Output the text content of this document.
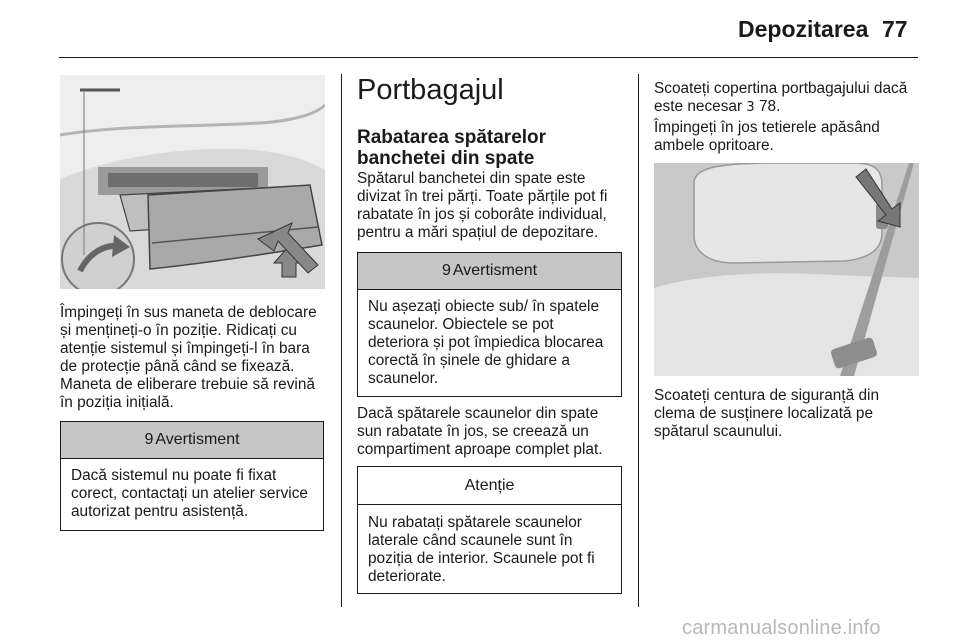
Depozitarea 77

Împingeți în sus maneta de deblocare și mențineți-o în poziție. Ridicați cu atenție sistemul și împingeți-l în bara de protecție până când se fixează.

Maneta de eliberare trebuie să revină în poziția inițială.

9 Avertisment
Dacă sistemul nu poate fi fixat corect, contactați un atelier service autorizat pentru asistență.
Portbagajul
Rabatarea spătarelor banchetei din spate

Spătarul banchetei din spate este divizat în trei părți. Toate părțile pot fi rabatate în jos și coborâte individual, pentru a mări spațiul de depozitare.

9 Avertisment
Nu așezați obiecte sub/ în spatele scaunelor. Obiectele se pot deteriora și pot împiedica blocarea corectă în șinele de ghidare a scaunelor.

Dacă spătarele scaunelor din spate sun rabatate în jos, se creează un compartiment aproape complet plat.

Atenție
Nu rabatați spătarele scaunelor laterale când scaunele sunt în poziția de interior. Scaunele pot fi deteriorate.

Scoateți copertina portbagajului dacă este necesar 3 78.

Împingeți în jos tetierele apăsând ambele opritoare.

Scoateți centura de siguranță din clema de susținere localizată pe spătarul scaunului.

carmanualsonline.info
